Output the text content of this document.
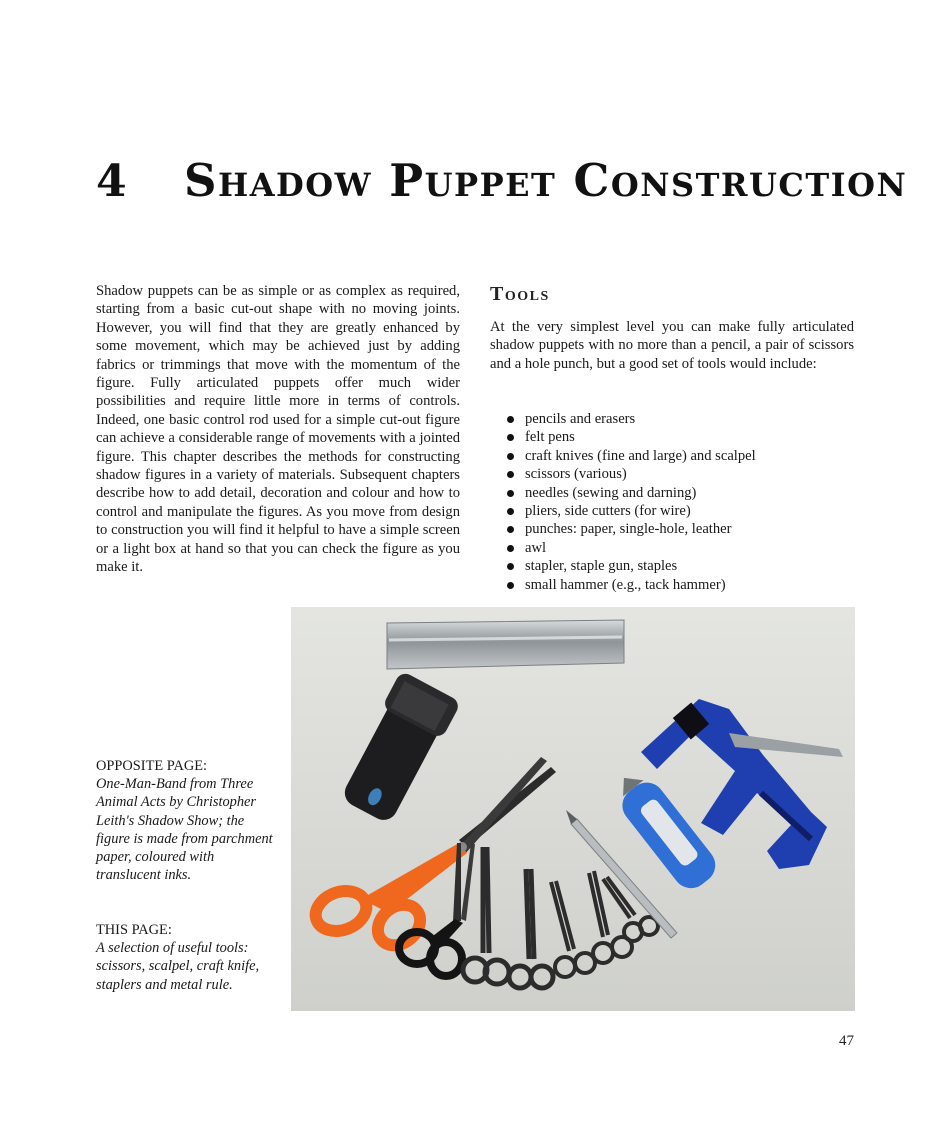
4 Shadow Puppet Construction

Shadow puppets can be as simple or as complex as required, starting from a basic cut-out shape with no moving joints. However, you will find that they are greatly enhanced by some movement, which may be achieved just by adding fabrics or trimmings that move with the momentum of the figure. Fully articulated puppets offer much wider possibilities and require little more in terms of controls. Indeed, one basic control rod used for a simple cut-out figure can achieve a considerable range of movements with a jointed figure. This chapter describes the methods for constructing shadow figures in a variety of materials. Subsequent chapters describe how to add detail, decoration and colour and how to control and manipulate the figures. As you move from design to construction you will find it helpful to have a simple screen or a light box at hand so that you can check the figure as you make it.

Tools

At the very simplest level you can make fully articulated shadow puppets with no more than a pencil, a pair of scissors and a hole punch, but a good set of tools would include:

pencils and erasers
felt pens
craft knives (fine and large) and scalpel
scissors (various)
needles (sewing and darning)
pliers, side cutters (for wire)
punches: paper, single-hole, leather
awl
stapler, staple gun, staples
small hammer (e.g., tack hammer)

OPPOSITE PAGE:
One-Man-Band from Three Animal Acts by Christopher Leith's Shadow Show; the figure is made from parchment paper, coloured with translucent inks.

THIS PAGE:
A selection of useful tools: scissors, scalpel, craft knife, staplers and metal rule.

47
